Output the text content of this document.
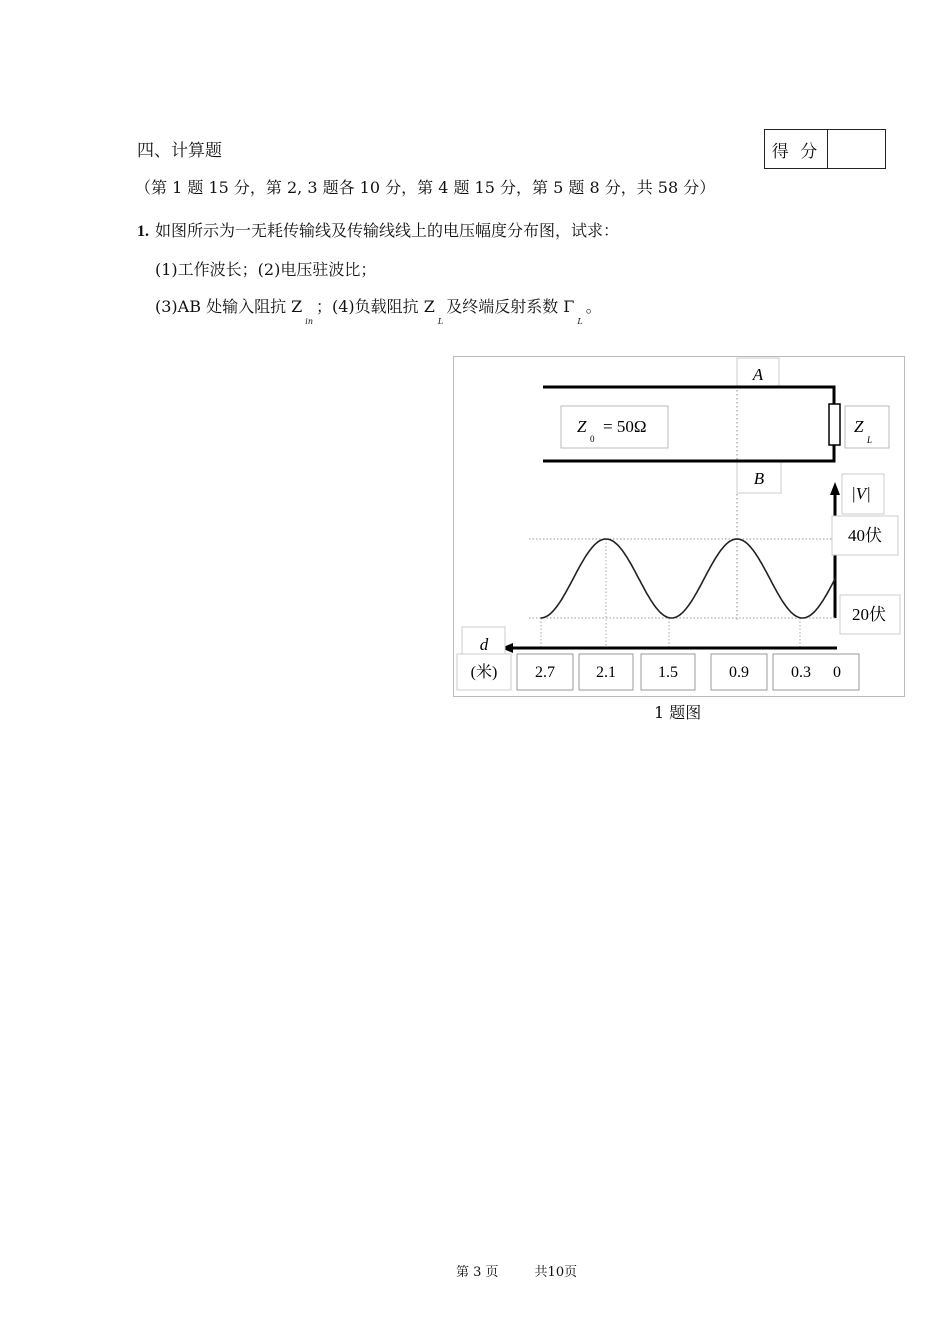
四、计算题	得 分
（第 1 题 15 分，第 2, 3 题各 10 分，第 4 题 15 分，第 5 题 8 分，共 58 分）
1. 如图所示为一无耗传输线及传输线线上的电压幅度分布图，试求：
(1)工作波长；(2)电压驻波比；
(3)AB 处输入阻抗 $Z_{in}$；(4)负载阻抗 $Z_L$及终端反射系数 $\Gamma_L$。
A
B
Z
0
= 50Ω	Z
L
|V|
40伏
20伏
d
(米) 2.7	2.1	1.5	0.9	0.3 0
1 题图
第 3 页	共10页
